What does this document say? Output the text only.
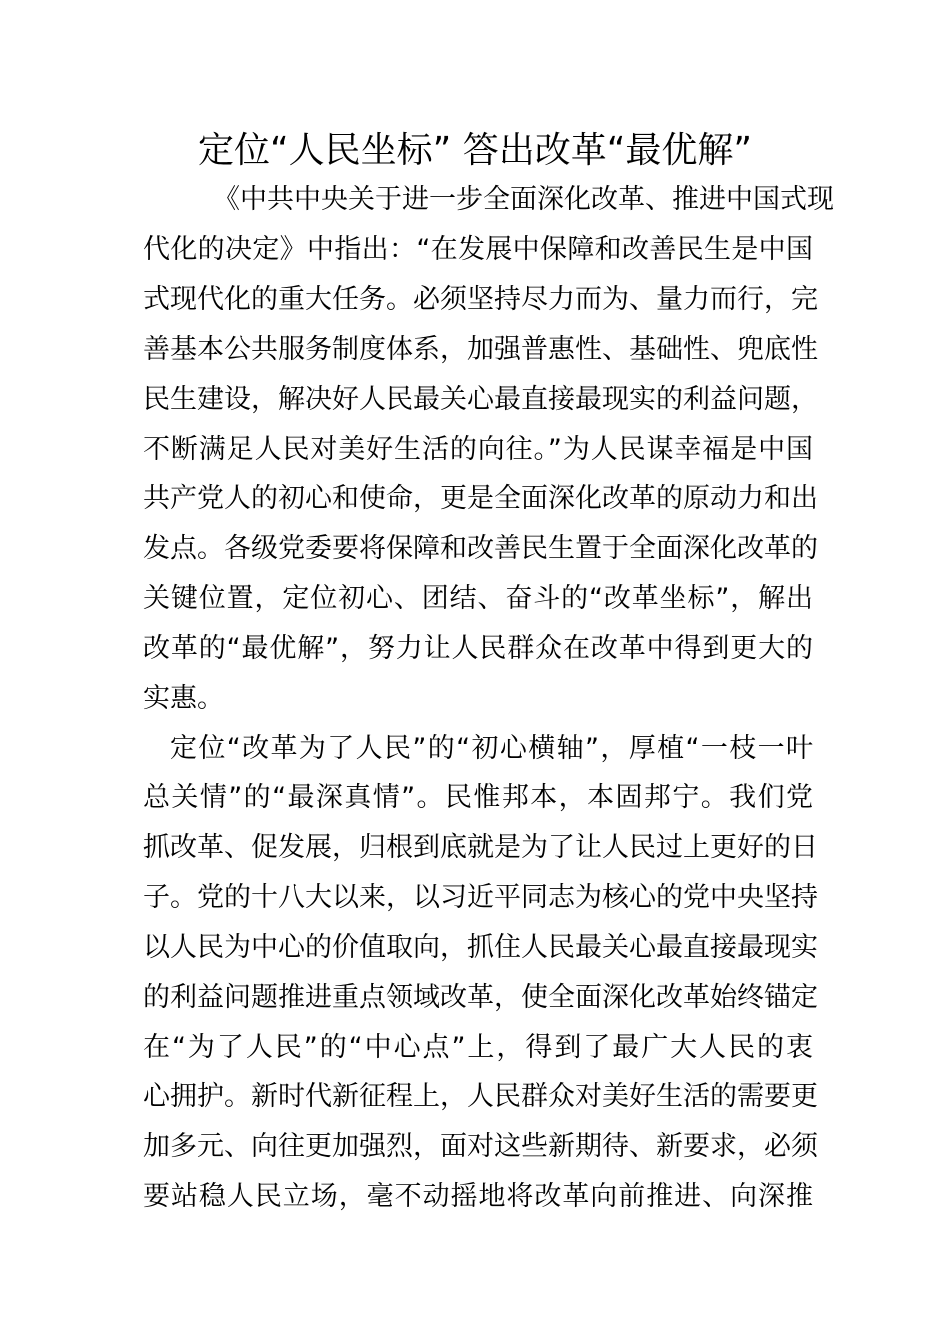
定位“人民坐标” 答出改革“最优解”

《中共中央关于进一步全面深化改革、推进中国式现

代化的决定》中指出：“在发展中保障和改善民生是中国

式现代化的重大任务。必须坚持尽力而为、量力而行，完

善基本公共服务制度体系，加强普惠性、基础性、兜底性

民生建设，解决好人民最关心最直接最现实的利益问题，

不断满足人民对美好生活的向往。”为人民谋幸福是中国

共产党人的初心和使命，更是全面深化改革的原动力和出

发点。各级党委要将保障和改善民生置于全面深化改革的

关键位置，定位初心、团结、奋斗的“改革坐标”，解出

改革的“最优解”，努力让人民群众在改革中得到更大的

实惠。

定位“改革为了人民”的“初心横轴”，厚植“一枝一叶

总关情”的“最深真情”。民惟邦本，本固邦宁。我们党

抓改革、促发展，归根到底就是为了让人民过上更好的日

子。党的十八大以来，以习近平同志为核心的党中央坚持

以人民为中心的价值取向，抓住人民最关心最直接最现实

的利益问题推进重点领域改革，使全面深化改革始终锚定

在“为了人民”的“中心点”上，得到了最广大人民的衷

心拥护。新时代新征程上，人民群众对美好生活的需要更

加多元、向往更加强烈，面对这些新期待、新要求，必须

要站稳人民立场，毫不动摇地将改革向前推进、向深推
